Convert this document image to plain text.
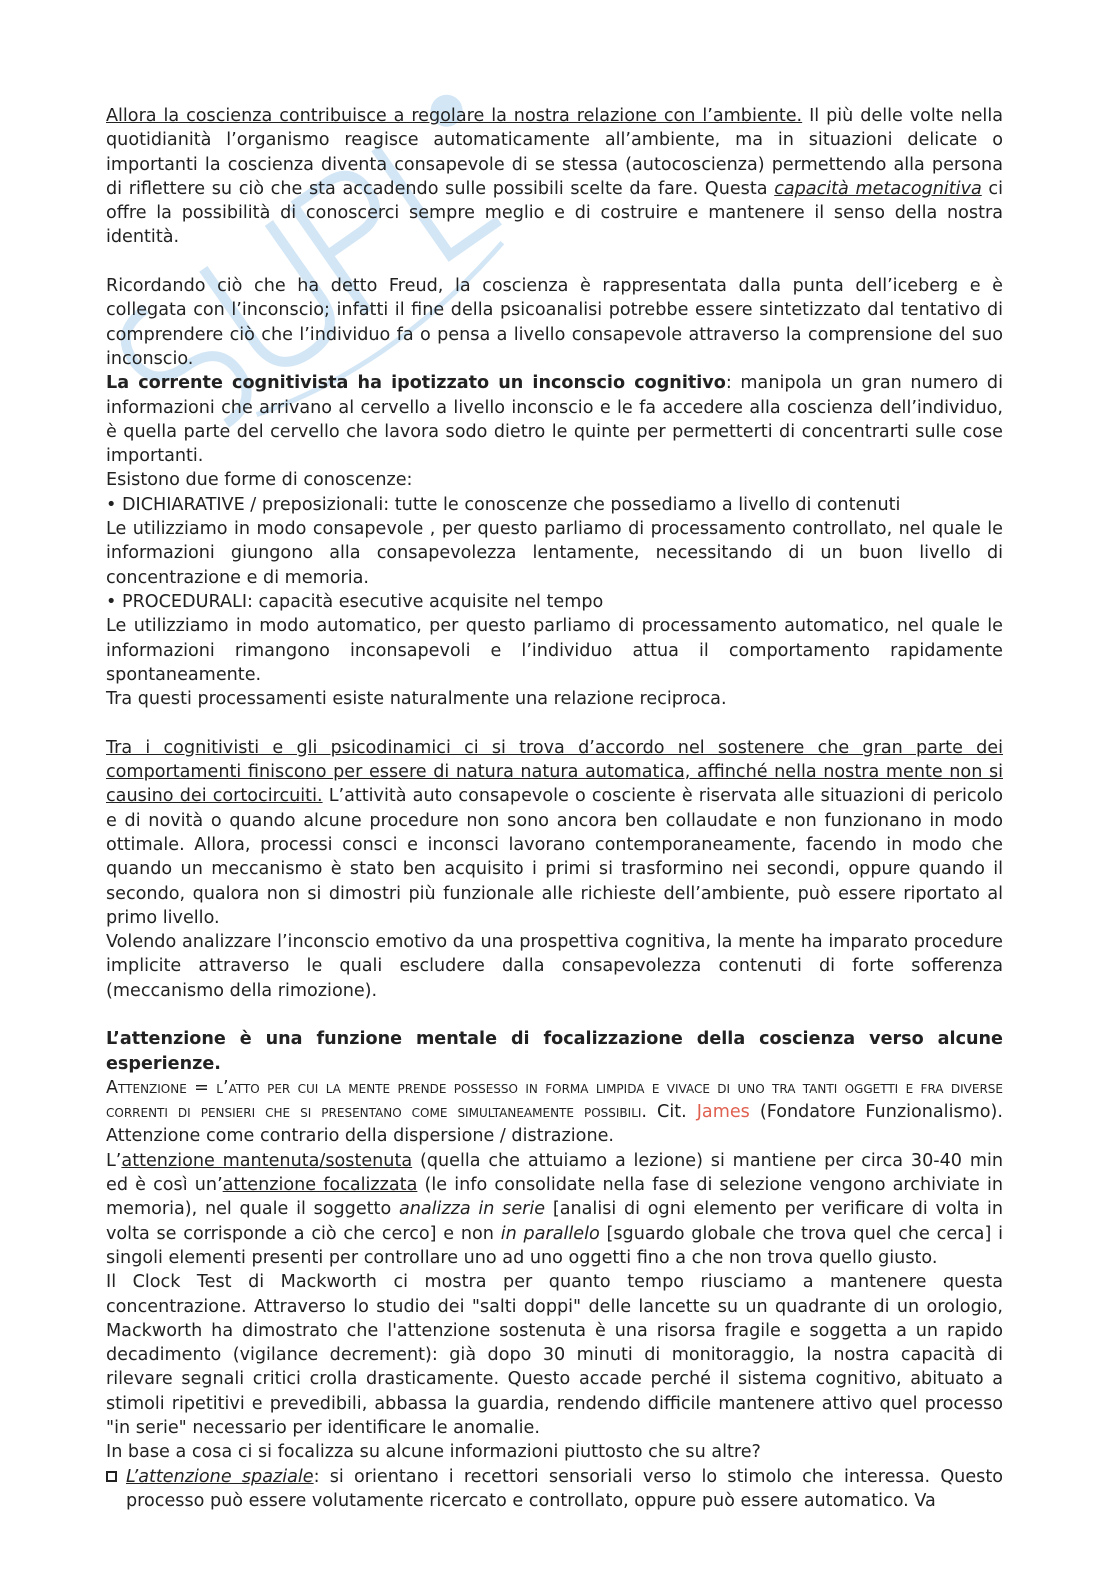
Allora la coscienza contribuisce a regolare la nostra relazione con l’ambiente. Il più delle volte nella quotidianità l’organismo reagisce automaticamente all’ambiente, ma in situazioni delicate o importanti la coscienza diventa consapevole di se stessa (autocoscienza) permettendo alla persona di riflettere su ciò che sta accadendo sulle possibili scelte da fare. Questa capacità metacognitiva ci offre la possibilità di conoscerci sempre meglio e di costruire e mantenere il senso della nostra identità.

Ricordando ciò che ha detto Freud, la coscienza è rappresentata dalla punta dell’iceberg e è collegata con l’inconscio; infatti il fine della psicoanalisi potrebbe essere sintetizzato dal tentativo di comprendere ciò che l’individuo fa o pensa a livello consapevole attraverso la comprensione del suo inconscio.

La corrente cognitivista ha ipotizzato un inconscio cognitivo: manipola un gran numero di informazioni che arrivano al cervello a livello inconscio e le fa accedere alla coscienza dell’individuo, è quella parte del cervello che lavora sodo dietro le quinte per permetterti di concentrarti sulle cose importanti.

Esistono due forme di conoscenze:

• DICHIARATIVE / preposizionali: tutte le conoscenze che possediamo a livello di contenuti

Le utilizziamo in modo consapevole , per questo parliamo di processamento controllato, nel quale le informazioni giungono alla consapevolezza lentamente, necessitando di un buon livello di concentrazione e di memoria.

• PROCEDURALI: capacità esecutive acquisite nel tempo

Le utilizziamo in modo automatico, per questo parliamo di processamento automatico, nel quale le informazioni rimangono inconsapevoli e l’individuo attua il comportamento rapidamente spontaneamente.

Tra questi processamenti esiste naturalmente una relazione reciproca.

Tra i cognitivisti e gli psicodinamici ci si trova d’accordo nel sostenere che gran parte dei comportamenti finiscono per essere di natura natura automatica, affinché nella nostra mente non si causino dei cortocircuiti. L’attività auto consapevole o cosciente è riservata alle situazioni di pericolo e di novità o quando alcune procedure non sono ancora ben collaudate e non funzionano in modo ottimale. Allora, processi consci e inconsci lavorano contemporaneamente, facendo in modo che quando un meccanismo è stato ben acquisito i primi si trasformino nei secondi, oppure quando il secondo, qualora non si dimostri più funzionale alle richieste dell’ambiente, può essere riportato al primo livello.

Volendo analizzare l’inconscio emotivo da una prospettiva cognitiva, la mente ha imparato procedure implicite attraverso le quali escludere dalla consapevolezza contenuti di forte sofferenza (meccanismo della rimozione).

L’attenzione è una funzione mentale di focalizzazione della coscienza verso alcune esperienze.

Attenzione = l’atto per cui la mente prende possesso in forma limpida e vivace di uno tra tanti oggetti e fra diverse correnti di pensieri che si presentano come simultaneamente possibili. Cit. James (Fondatore Funzionalismo). Attenzione come contrario della dispersione / distrazione.

L’attenzione mantenuta/sostenuta (quella che attuiamo a lezione) si mantiene per circa 30-40 min ed è così un’attenzione focalizzata (le info consolidate nella fase di selezione vengono archiviate in memoria), nel quale il soggetto analizza in serie [analisi di ogni elemento per verificare di volta in volta se corrisponde a ciò che cerco] e non in parallelo [sguardo globale che trova quel che cerca] i singoli elementi presenti per controllare uno ad uno oggetti fino a che non trova quello giusto.

Il Clock Test di Mackworth ci mostra per quanto tempo riusciamo a mantenere questa concentrazione. Attraverso lo studio dei "salti doppi" delle lancette su un quadrante di un orologio, Mackworth ha dimostrato che l'attenzione sostenuta è una risorsa fragile e soggetta a un rapido decadimento (vigilance decrement): già dopo 30 minuti di monitoraggio, la nostra capacità di rilevare segnali critici crolla drasticamente. Questo accade perché il sistema cognitivo, abituato a stimoli ripetitivi e prevedibili, abbassa la guardia, rendendo difficile mantenere attivo quel processo "in serie" necessario per identificare le anomalie.

In base a cosa ci si focalizza su alcune informazioni piuttosto che su altre?

L’attenzione spaziale: si orientano i recettori sensoriali verso lo stimolo che interessa. Questo processo può essere volutamente ricercato e controllato, oppure può essere automatico. Va
